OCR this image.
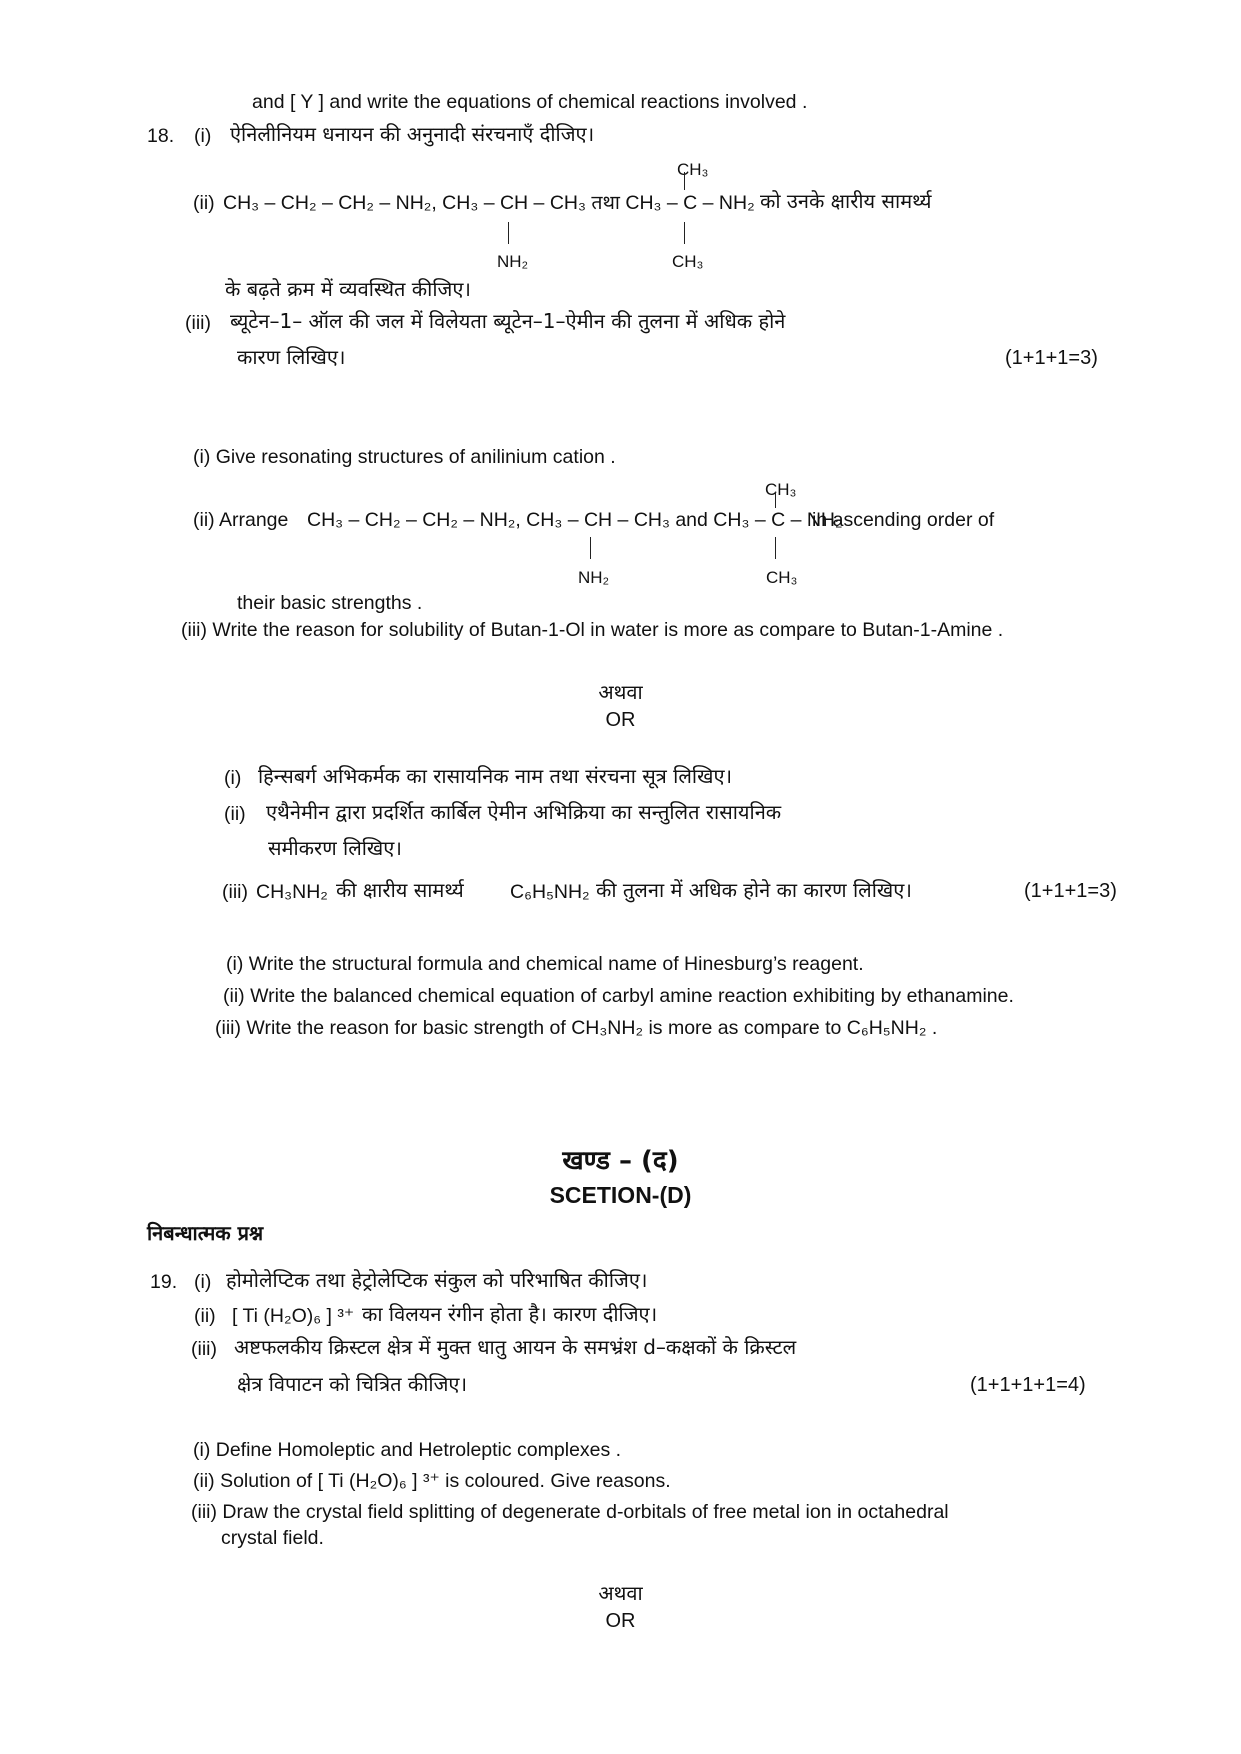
and [ Y ] and write the equations of chemical reactions involved .
18. (i) ऐनिलीनियम धनायन की अनुनादी संरचनाएँ दीजिए।
CH₃
(ii) CH₃ – CH₂ – CH₂ – NH₂, CH₃ – CH – CH₃ तथा CH₃ – C – NH₂ को उनके क्षारीय सामर्थ्य
NH₂	CH₃
के बढ़ते क्रम में व्यवस्थित कीजिए।
(iii) ब्यूटेन–1– ऑल की जल में विलेयता ब्यूटेन–1–ऐमीन की तुलना में अधिक होने
कारण लिखिए।	(1+1+1=3)
(i) Give resonating structures of anilinium cation .
CH₃
(ii) Arrange CH₃ – CH₂ – CH₂ – NH₂, CH₃ – CH – CH₃ and CH₃ – C – NH₂
in ascending order of
NH₂	CH₃
their basic strengths .
(iii) Write the reason for solubility of Butan-1-Ol in water is more as compare to Butan-1-Amine .
अथवा
OR
(i) हिन्सबर्ग अभिकर्मक का रासायनिक नाम तथा संरचना सूत्र लिखिए।
(ii) एथैनेमीन द्वारा प्रदर्शित कार्बिल ऐमीन अभिक्रिया का सन्तुलित रासायनिक
समीकरण लिखिए।
(iii) CH₃NH₂ की क्षारीय सामर्थ्य C₆H₅NH₂ की तुलना में अधिक होने का कारण लिखिए।	(1+1+1=3)
(i) Write the structural formula and chemical name of Hinesburg’s reagent.
(ii) Write the balanced chemical equation of carbyl amine reaction exhibiting by ethanamine.
(iii) Write the reason for basic strength of CH₃NH₂ is more as compare to C₆H₅NH₂ .
खण्ड – (द)
SCETION-(D)
निबन्धात्मक प्रश्न
19. (i) होमोलेप्टिक तथा हेट्रोलेप्टिक संकुल को परिभाषित कीजिए।
(ii) [ Ti (H₂O)₆ ] ³⁺ का विलयन रंगीन होता है। कारण दीजिए।
(iii) अष्टफलकीय क्रिस्टल क्षेत्र में मुक्त धातु आयन के समभ्रंश d–कक्षकों के क्रिस्टल
क्षेत्र विपाटन को चित्रित कीजिए।	(1+1+1+1=4)
(i) Define Homoleptic and Hetroleptic complexes .
(ii) Solution of [ Ti (H₂O)₆ ] ³⁺ is coloured. Give reasons.
(iii) Draw the crystal field splitting of degenerate d-orbitals of free metal ion in octahedral
crystal field.
अथवा
OR
